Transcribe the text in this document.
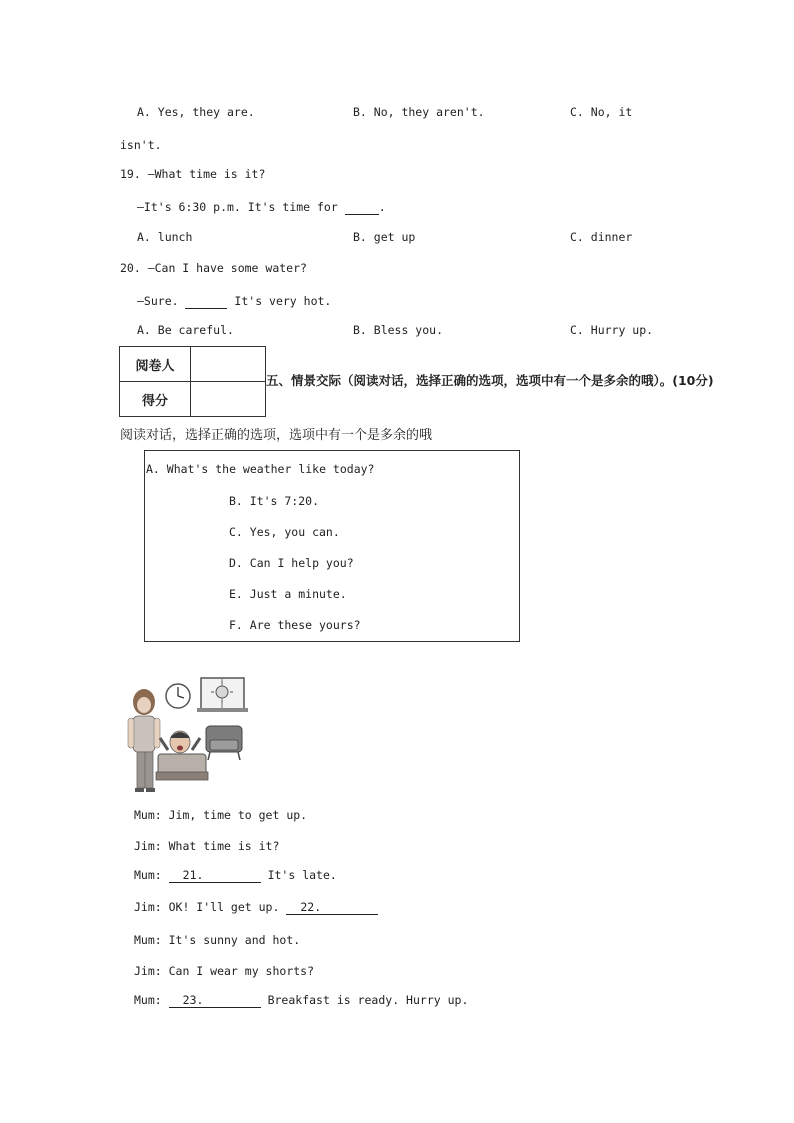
A. Yes, they are.	B. No, they aren't.	C. No, it
isn't.
19. —What time is it?
—It's 6:30 p.m. It's time for	.
A. lunch	B. get up	C. dinner
20. —Can I have some water?
—Sure.	It's very hot.
A. Be careful.	B. Bless you.	C. Hurry up.
阅卷人	
得分	
五、情景交际（阅读对话，选择正确的选项，选项中有一个是多余的哦）。(10分)
阅读对话，选择正确的选项，选项中有一个是多余的哦
A. What's the weather like today?
B. It's 7:20.
C. Yes, you can.
D. Can I help you?
E. Just a minute.
F. Are these yours?
Mum: Jim, time to get up.
Jim: What time is it?
Mum: 21.	It's late.
Jim: OK! I'll get up. 22.
Mum: It's sunny and hot.
Jim: Can I wear my shorts?
Mum: 23.	Breakfast is ready. Hurry up.
